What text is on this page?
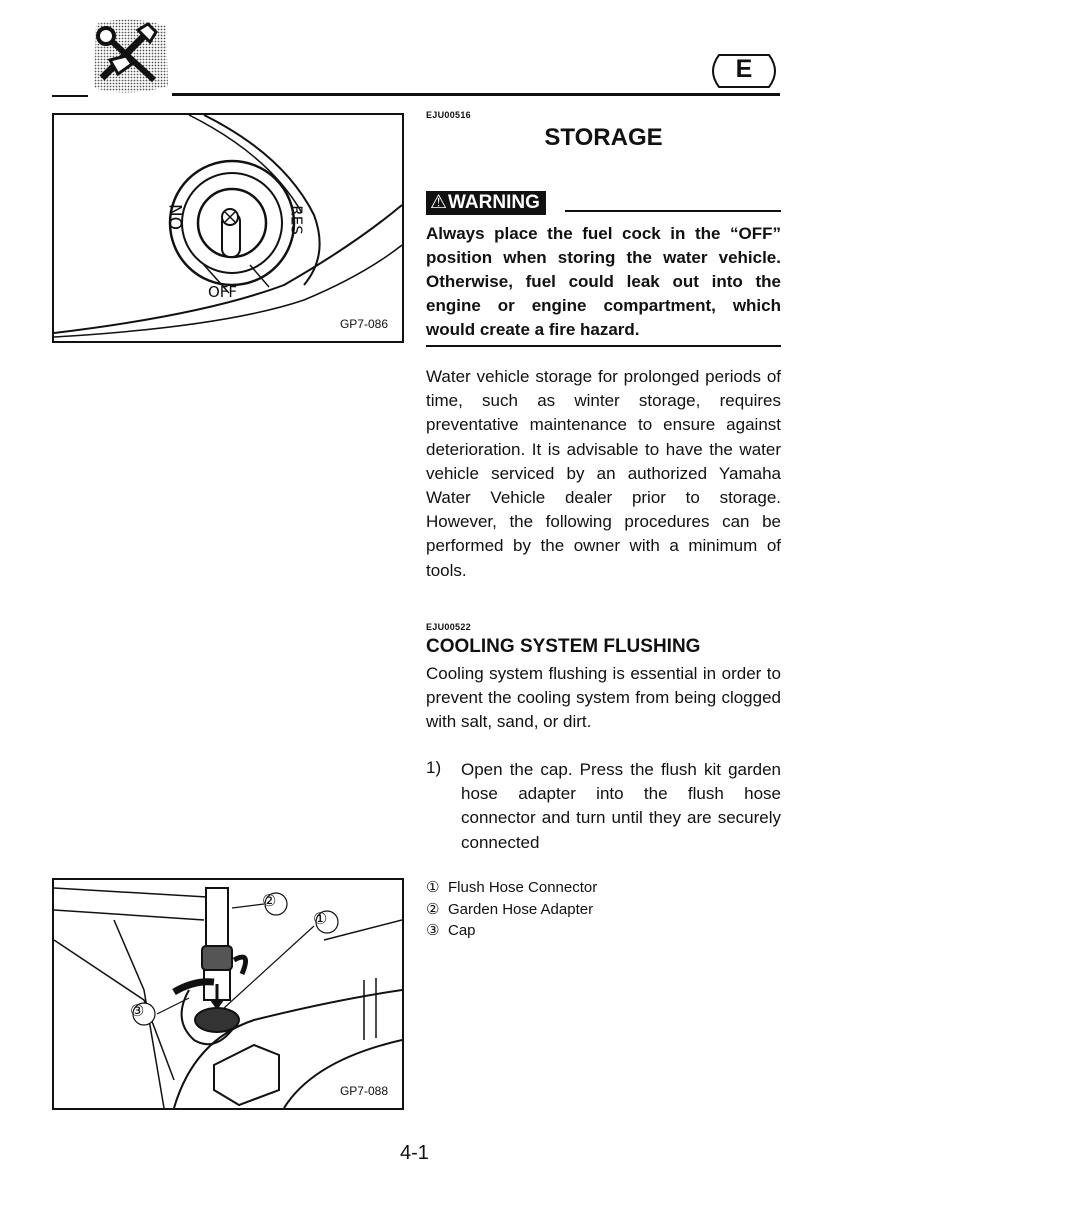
E
ON
OFF
RES
GP7-086
EJU00516
STORAGE
⚠WARNING
Always place the fuel cock in the “OFF” position when storing the water vehicle. Otherwise, fuel could leak out into the engine or engine compartment, which would create a fire hazard.
Water vehicle storage for prolonged periods of time, such as winter storage, requires preventative maintenance to ensure against deterioration. It is advisable to have the water vehicle serviced by an authorized Yamaha Water Vehicle dealer prior to storage. However, the following procedures can be performed by the owner with a minimum of tools.
EJU00522
COOLING SYSTEM FLUSHING
Cooling system flushing is essential in order to prevent the cooling system from being clogged with salt, sand, or dirt.
1) Open the cap. Press the flush kit garden hose adapter into the flush hose connector and turn until they are securely connected
① Flush Hose Connector
② Garden Hose Adapter
③ Cap
②
①
③
GP7-088
4-1
